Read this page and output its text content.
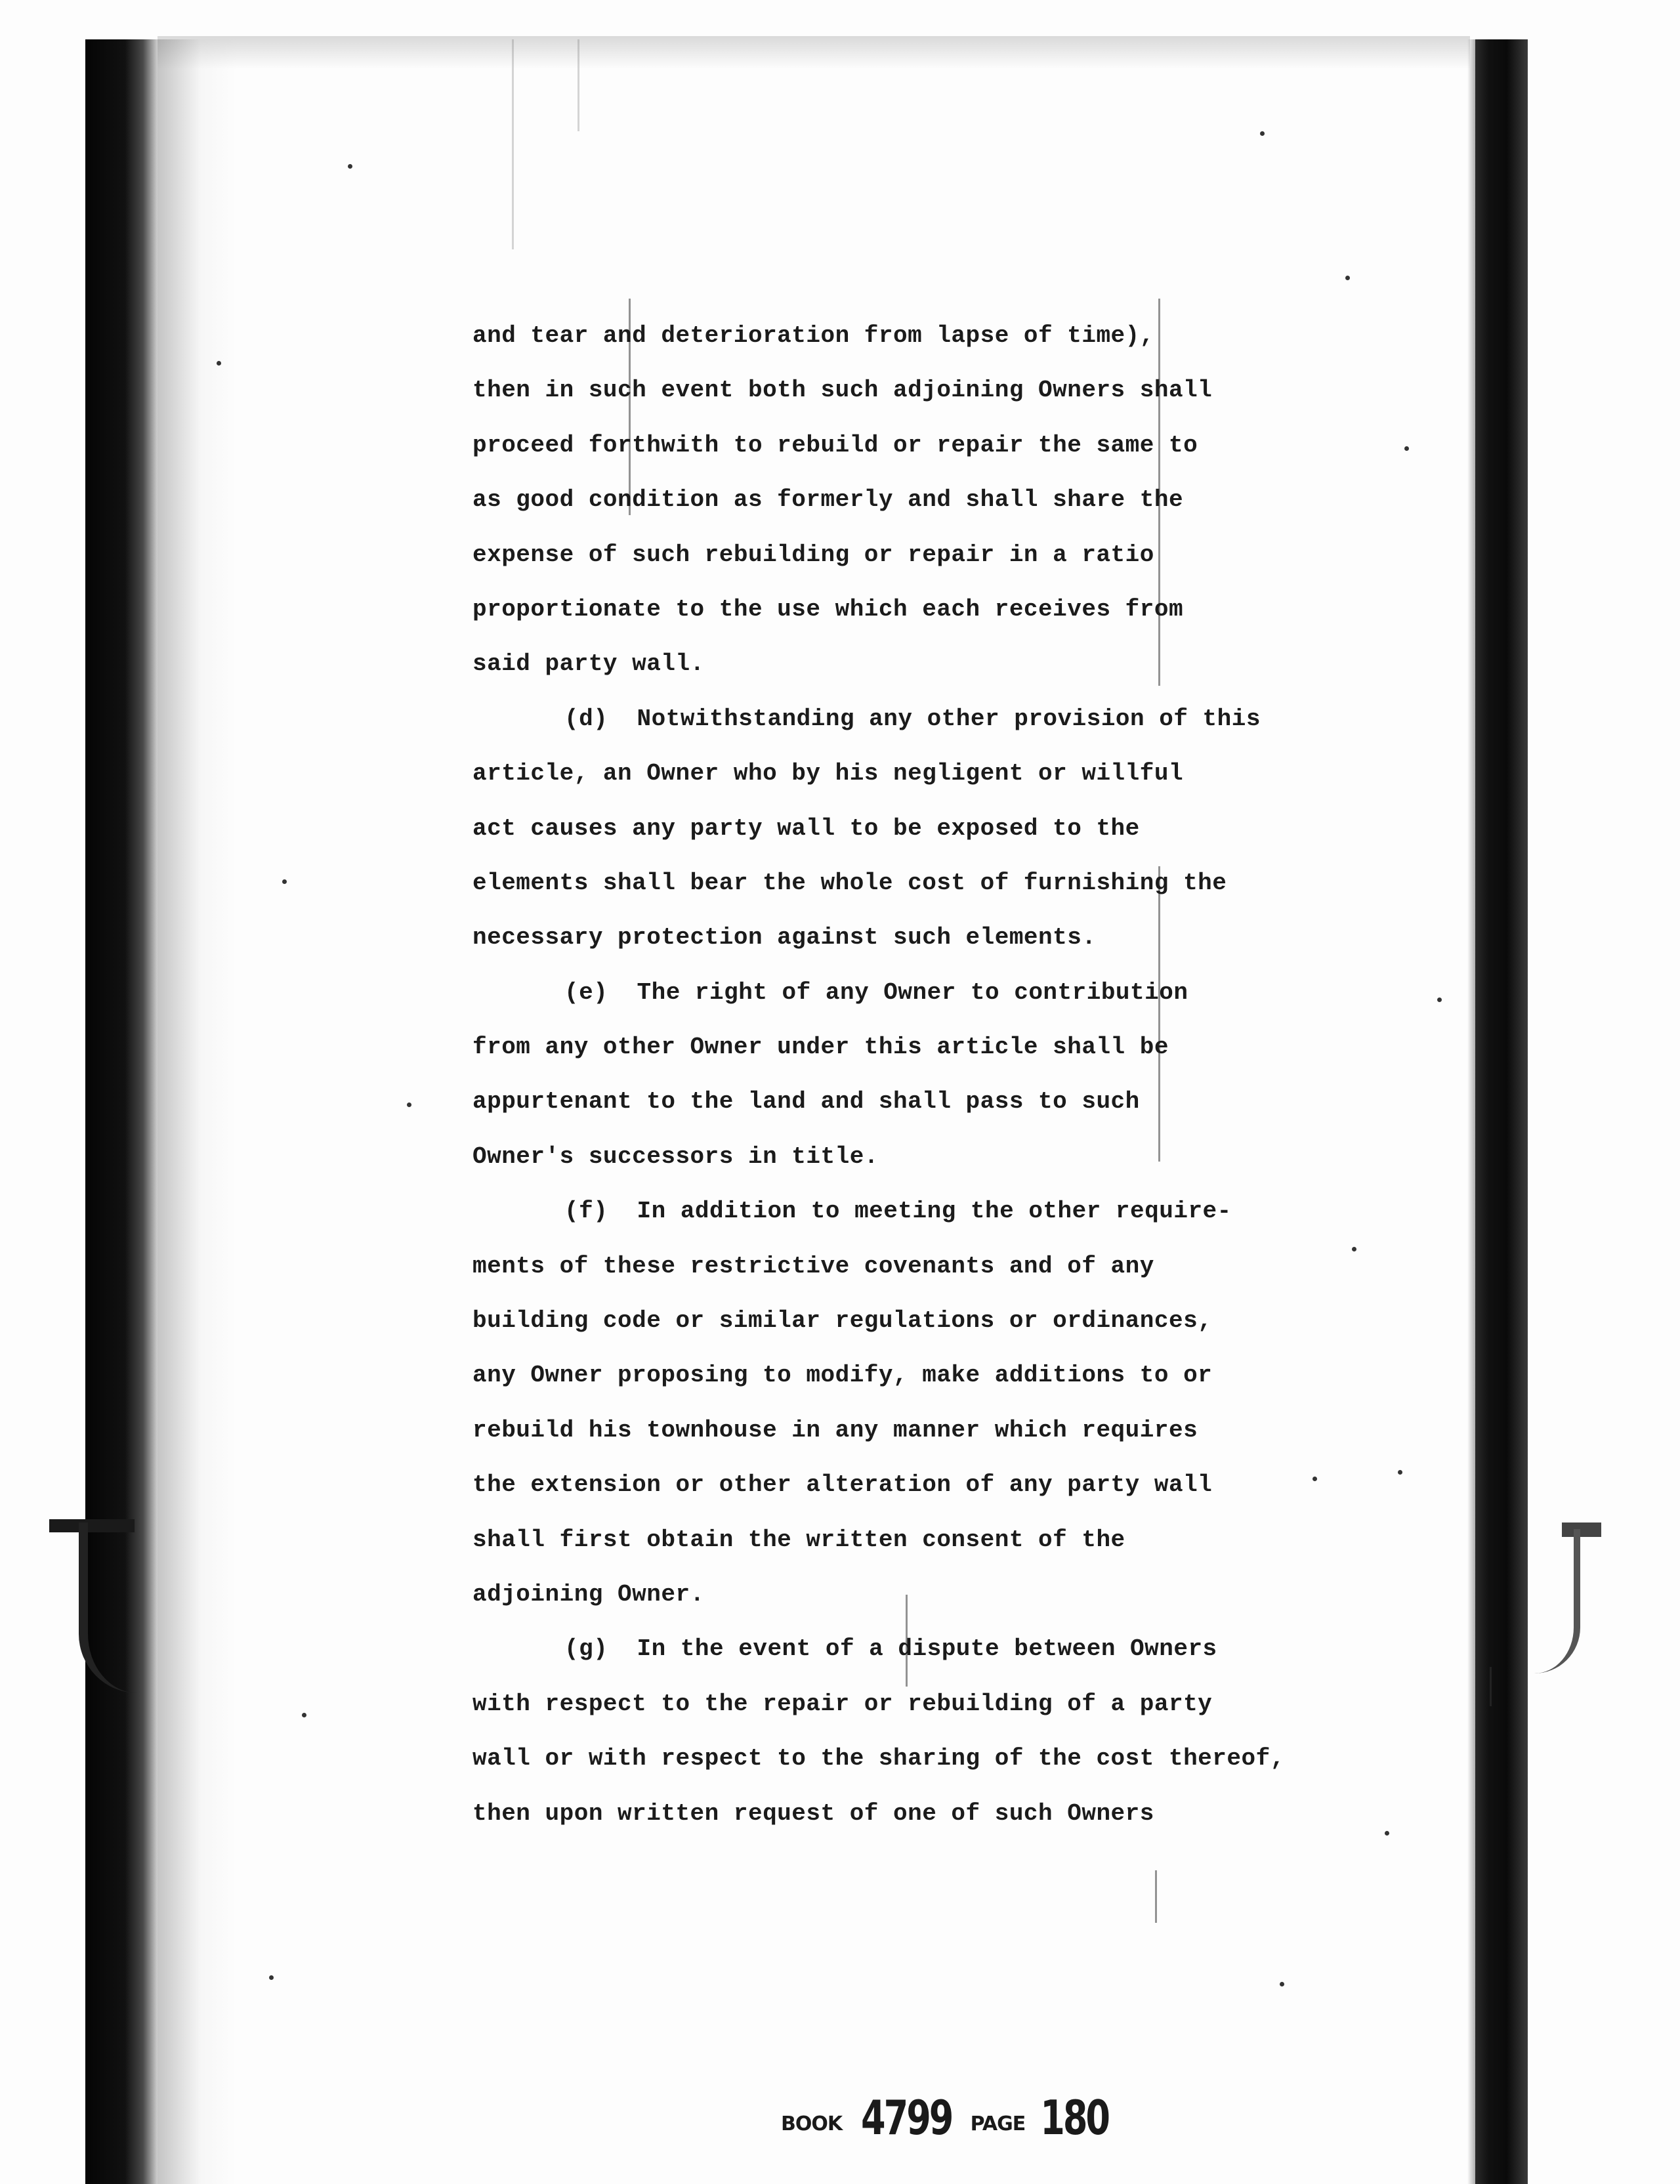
and tear and deterioration from lapse of time),
then in such event both such adjoining Owners shall
proceed forthwith to rebuild or repair the same to
as good condition as formerly and shall share the
expense of such rebuilding or repair in a ratio
proportionate to the use which each receives from
said party wall.
(d)  Notwithstanding any other provision of this
article, an Owner who by his negligent or willful
act causes any party wall to be exposed to the
elements shall bear the whole cost of furnishing the
necessary protection against such elements.
(e)  The right of any Owner to contribution
from any other Owner under this article shall be
appurtenant to the land and shall pass to such
Owner's successors in title.
(f)  In addition to meeting the other require-
ments of these restrictive covenants and of any
building code or similar regulations or ordinances,
any Owner proposing to modify, make additions to or
rebuild his townhouse in any manner which requires
the extension or other alteration of any party wall
shall first obtain the written consent of the
adjoining Owner.
(g)  In the event of a dispute between Owners
with respect to the repair or rebuilding of a party
wall or with respect to the sharing of the cost thereof,
then upon written request of one of such Owners
BOOK 4799 PAGE 180
